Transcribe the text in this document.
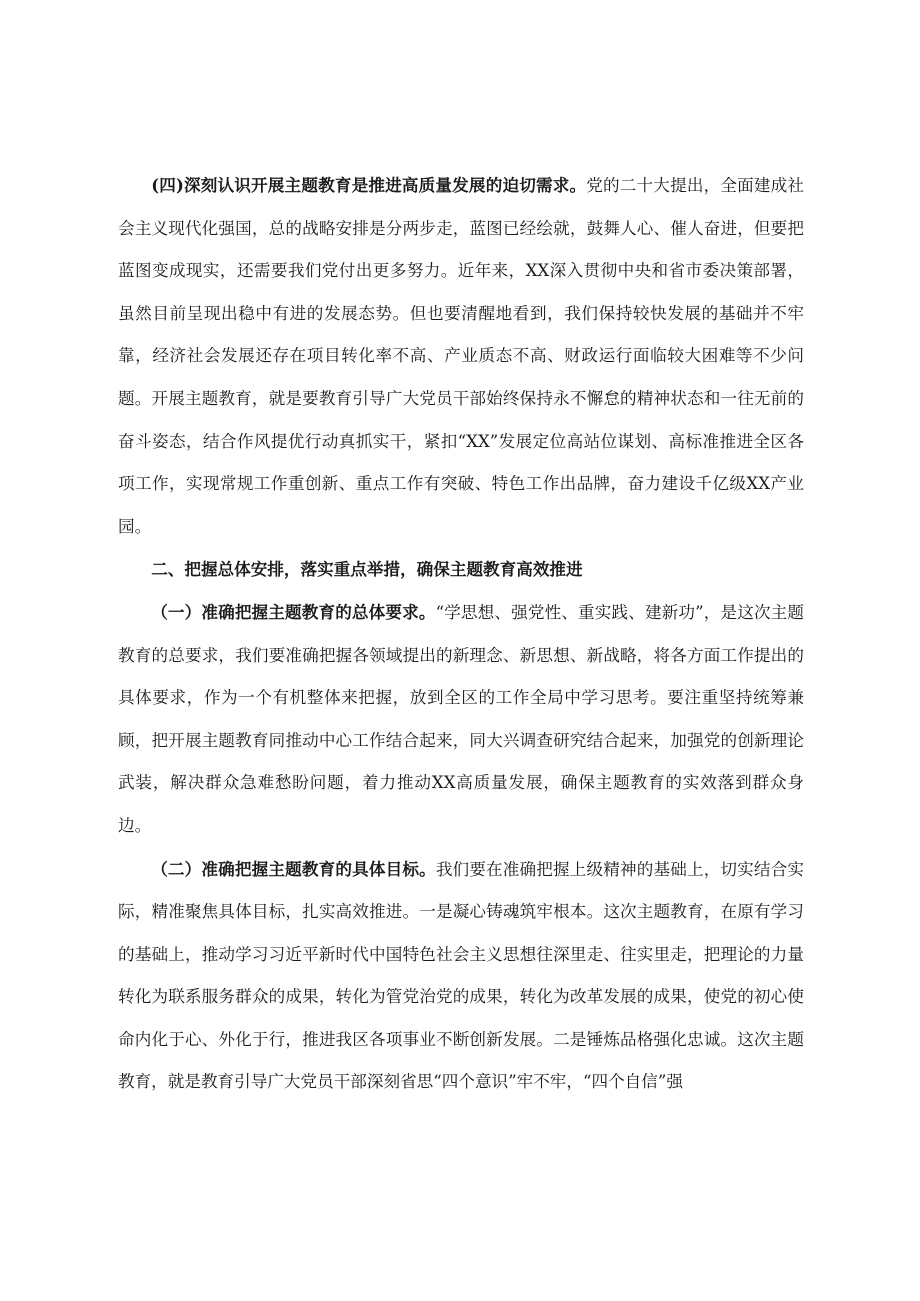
(四)深刻认识开展主题教育是推进高质量发展的迫切需求。党的二十大提出，全面建成社会主义现代化强国，总的战略安排是分两步走，蓝图已经绘就，鼓舞人心、催人奋进，但要把蓝图变成现实，还需要我们党付出更多努力。近年来，XX深入贯彻中央和省市委决策部署，虽然目前呈现出稳中有进的发展态势。但也要清醒地看到，我们保持较快发展的基础并不牢靠，经济社会发展还存在项目转化率不高、产业质态不高、财政运行面临较大困难等不少问题。开展主题教育，就是要教育引导广大党员干部始终保持永不懈怠的精神状态和一往无前的奋斗姿态，结合作风提优行动真抓实干，紧扣“XX”发展定位高站位谋划、高标准推进全区各项工作，实现常规工作重创新、重点工作有突破、特色工作出品牌，奋力建设千亿级XX产业园。

二、把握总体安排，落实重点举措，确保主题教育高效推进

（一）准确把握主题教育的总体要求。“学思想、强党性、重实践、建新功”，是这次主题教育的总要求，我们要准确把握各领域提出的新理念、新思想、新战略，将各方面工作提出的具体要求，作为一个有机整体来把握，放到全区的工作全局中学习思考。要注重坚持统筹兼顾，把开展主题教育同推动中心工作结合起来，同大兴调查研究结合起来，加强党的创新理论武装，解决群众急难愁盼问题，着力推动XX高质量发展，确保主题教育的实效落到群众身边。

（二）准确把握主题教育的具体目标。我们要在准确把握上级精神的基础上，切实结合实际，精准聚焦具体目标，扎实高效推进。一是凝心铸魂筑牢根本。这次主题教育，在原有学习的基础上，推动学习习近平新时代中国特色社会主义思想往深里走、往实里走，把理论的力量转化为联系服务群众的成果，转化为管党治党的成果，转化为改革发展的成果，使党的初心使命内化于心、外化于行，推进我区各项事业不断创新发展。二是锤炼品格强化忠诚。这次主题教育，就是教育引导广大党员干部深刻省思“四个意识”牢不牢，“四个自信”强
